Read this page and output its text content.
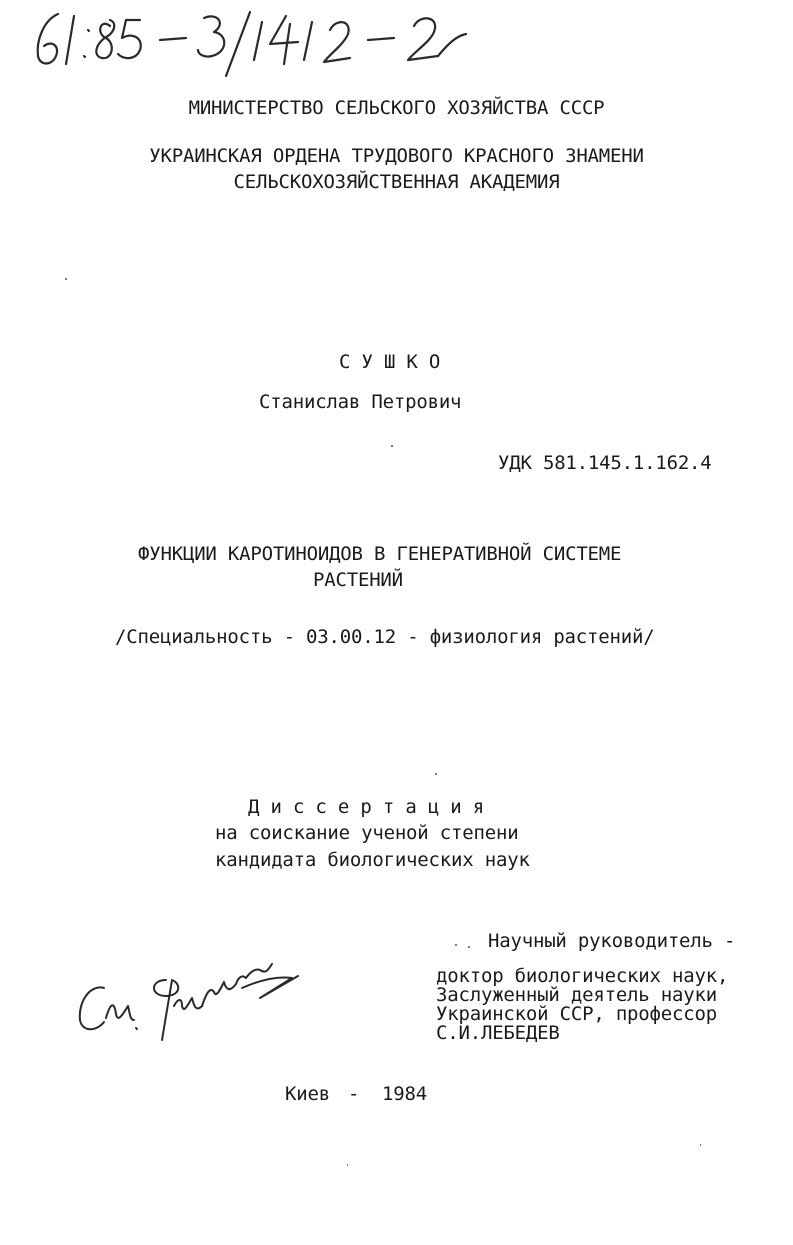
МИНИСТЕРСТВО СЕЛЬСКОГО ХОЗЯЙСТВА СССР
УКРАИНСКАЯ ОРДЕНА ТРУДОВОГО КРАСНОГО ЗНАМЕНИ
СЕЛЬСКОХОЗЯЙСТВЕННАЯ АКАДЕМИЯ
С У Ш К О
Станислав Петрович
УДК 581.145.1.162.4
ФУНКЦИИ КАРОТИНОИДОВ В ГЕНЕРАТИВНОЙ СИСТЕМЕ
РАСТЕНИЙ
/Специальность - 03.00.12 - физиология растений/
Д и с с е р т а ц и я
на соискание ученой степени
кандидата биологических наук
Научный руководитель -
доктор биологических наук,
Заслуженный деятель науки
Украинской ССР, профессор
С.И.ЛЕБЕДЕВ
Киев - 1984
